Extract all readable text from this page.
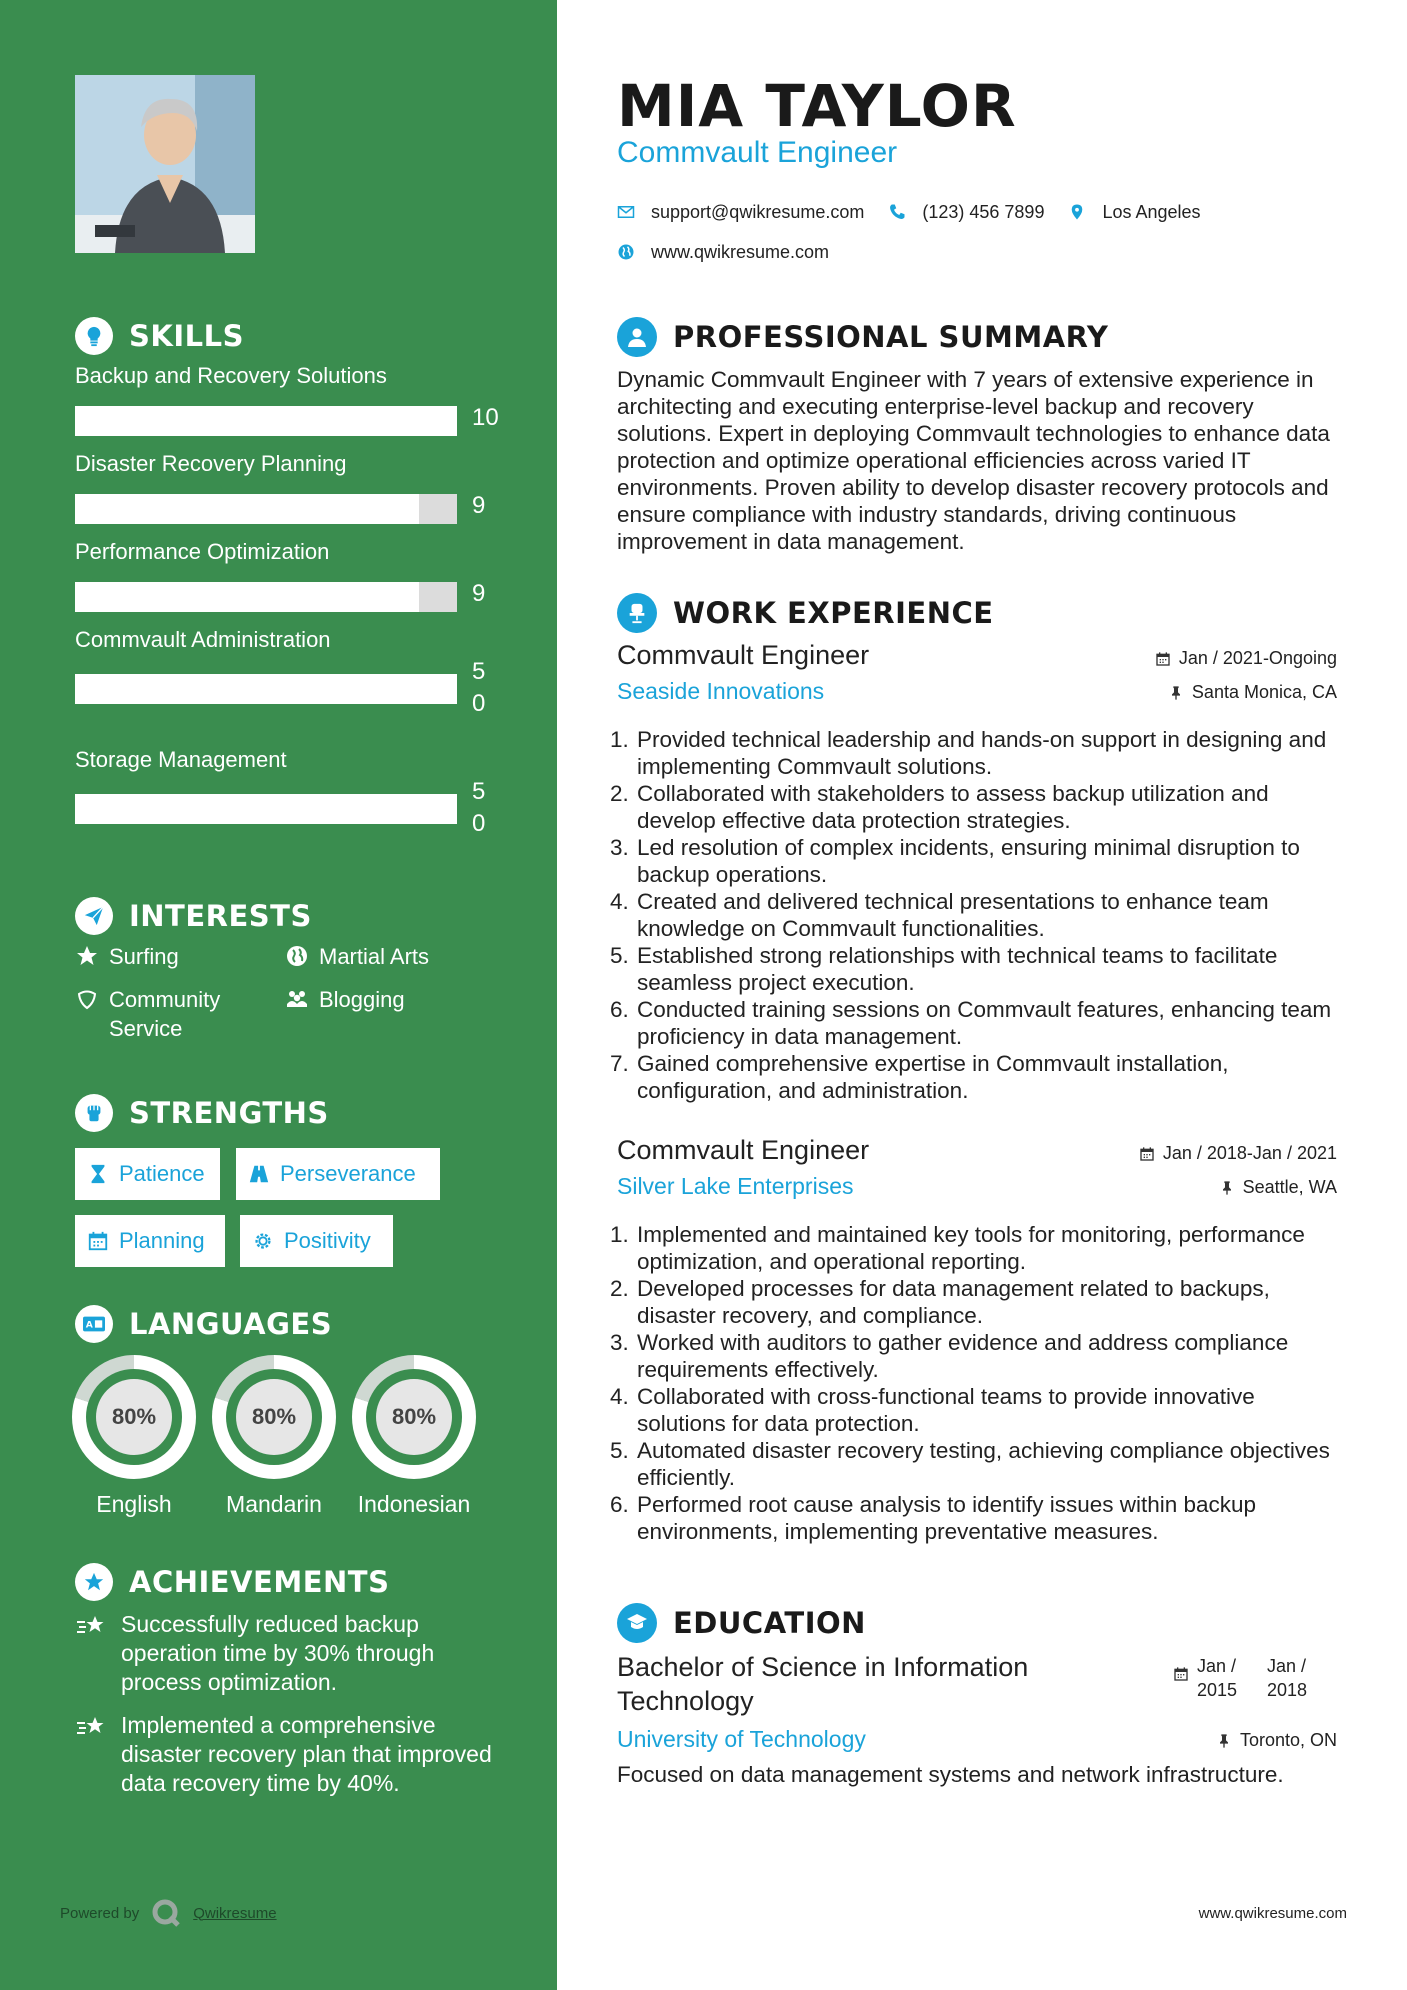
SKILLS
Backup and Recovery Solutions
10
Disaster Recovery Planning
9
Performance Optimization
9
Commvault Administration
50
Storage Management
50
INTERESTS
Surfing	Martial Arts
Community Service
Blogging
STRENGTHS
Patience	Perseverance
Planning	Positivity
A LANGUAGES
80%
English
80%
Mandarin
80%
Indonesian
ACHIEVEMENTS
Successfully reduced backup operation time by 30% through process optimization.
Implemented a comprehensive disaster recovery plan that improved data recovery time by 40%.
Powered by	Qwikresume
MIA TAYLOR
Commvault Engineer
support@qwikresume.com	(123) 456 7899	Los Angeles
www.qwikresume.com
PROFESSIONAL SUMMARY
Dynamic Commvault Engineer with 7 years of extensive experience in architecting and executing enterprise-level backup and recovery solutions. Expert in deploying Commvault technologies to enhance data protection and optimize operational efficiencies across varied IT environments. Proven ability to develop disaster recovery protocols and ensure compliance with industry standards, driving continuous improvement in data management.
WORK EXPERIENCE
Commvault Engineer
Seaside Innovations
Jan / 2021-Ongoing
Santa Monica, CA
1. Provided technical leadership and hands-on support in designing and implementing Commvault solutions.
2. Collaborated with stakeholders to assess backup utilization and develop effective data protection strategies.
3. Led resolution of complex incidents, ensuring minimal disruption to backup operations.
4. Created and delivered technical presentations to enhance team knowledge on Commvault functionalities.
5. Established strong relationships with technical teams to facilitate seamless project execution.
6. Conducted training sessions on Commvault features, enhancing team proficiency in data management.
7. Gained comprehensive expertise in Commvault installation, configuration, and administration.
Commvault Engineer
Silver Lake Enterprises
Jan / 2018-Jan / 2021
Seattle, WA
1. Implemented and maintained key tools for monitoring, performance optimization, and operational reporting.
2. Developed processes for data management related to backups, disaster recovery, and compliance.
3. Worked with auditors to gather evidence and address compliance requirements effectively.
4. Collaborated with cross-functional teams to provide innovative solutions for data protection.
5. Automated disaster recovery testing, achieving compliance objectives efficiently.
6. Performed root cause analysis to identify issues within backup environments, implementing preventative measures.
EDUCATION
Bachelor of Science in Information Technology
University of Technology
Jan / 2015
Jan / 2018
Toronto, ON
Focused on data management systems and network infrastructure.
www.qwikresume.com
